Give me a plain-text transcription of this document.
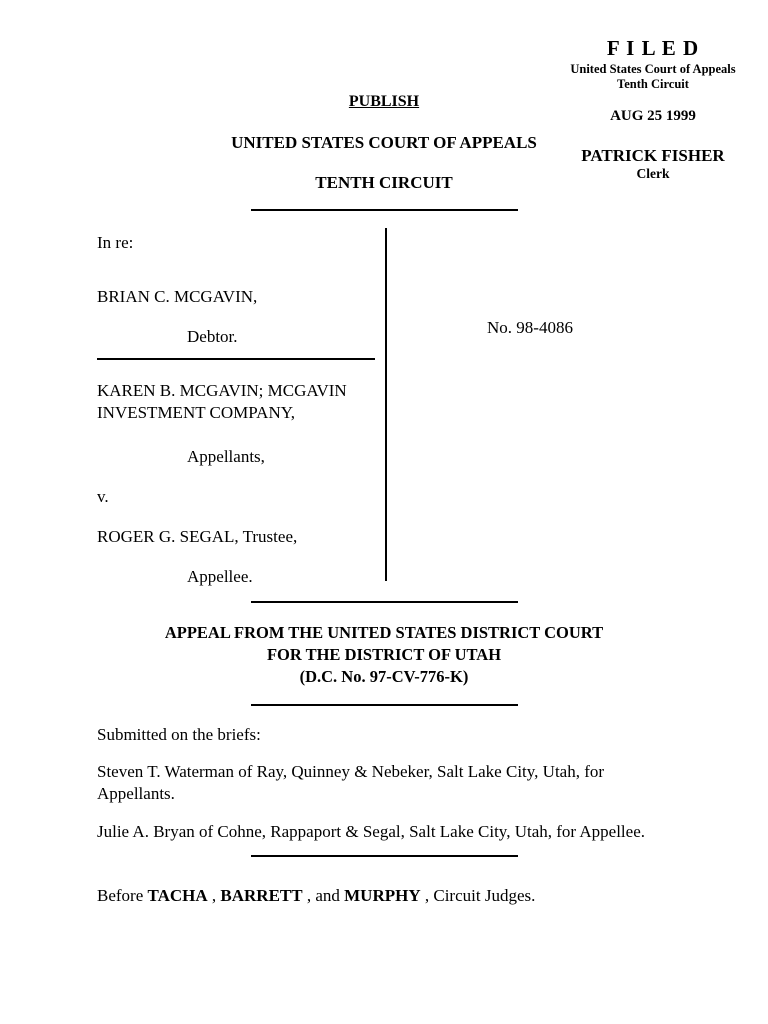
F I L E D
United States Court of Appeals
Tenth Circuit
AUG 25 1999
PATRICK FISHER
Clerk
PUBLISH
UNITED STATES COURT OF APPEALS
TENTH CIRCUIT
In re:
BRIAN C. MCGAVIN,
Debtor.
KAREN B. MCGAVIN; MCGAVIN INVESTMENT COMPANY,
Appellants,
v.
ROGER G. SEGAL, Trustee,
Appellee.
No. 98-4086
APPEAL FROM THE UNITED STATES DISTRICT COURT
FOR THE DISTRICT OF UTAH
(D.C. No. 97-CV-776-K)
Submitted on the briefs:
Steven T. Waterman of Ray, Quinney & Nebeker, Salt Lake City, Utah, for Appellants.
Julie A. Bryan of Cohne, Rappaport & Segal, Salt Lake City, Utah, for Appellee.
Before TACHA , BARRETT , and MURPHY , Circuit Judges.
